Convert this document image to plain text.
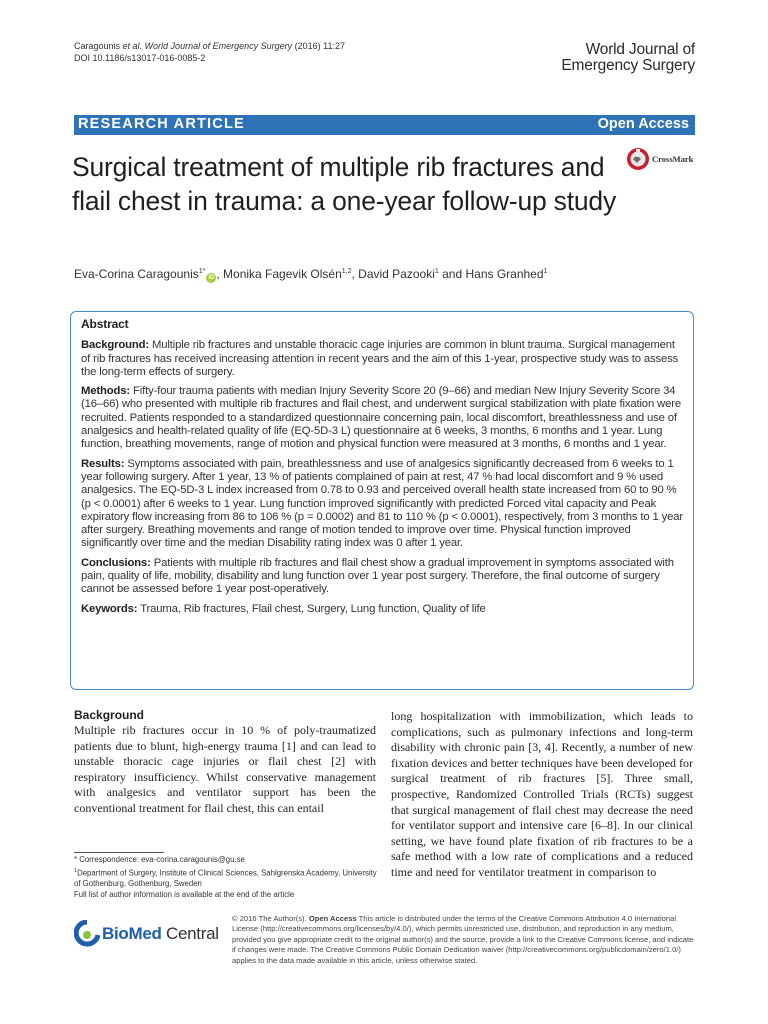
Caragounis et al. World Journal of Emergency Surgery (2016) 11:27
DOI 10.1186/s13017-016-0085-2	World Journal of
Emergency Surgery
RESEARCH ARTICLE	Open Access
Surgical treatment of multiple rib fractures and flail chest in trauma: a one-year follow-up study
CrossMark
Eva-Corina Caragounis$^{1*}$iD , Monika Fagevik Olsén$^{1,2}$, David Pazooki$^1$ and Hans Granhed$^1$
Abstract

Background: Multiple rib fractures and unstable thoracic cage injuries are common in blunt trauma. Surgical management of rib fractures has received increasing attention in recent years and the aim of this 1-year, prospective study was to assess the long-term effects of surgery.

Methods: Fifty-four trauma patients with median Injury Severity Score 20 (9–66) and median New Injury Severity Score 34 (16–66) who presented with multiple rib fractures and flail chest, and underwent surgical stabilization with plate fixation were recruited. Patients responded to a standardized questionnaire concerning pain, local discomfort, breathlessness and use of analgesics and health-related quality of life (EQ-5D-3 L) questionnaire at 6 weeks, 3 months, 6 months and 1 year. Lung function, breathing movements, range of motion and physical function were measured at 3 months, 6 months and 1 year.

Results: Symptoms associated with pain, breathlessness and use of analgesics significantly decreased from 6 weeks to 1 year following surgery. After 1 year, 13 % of patients complained of pain at rest, 47 % had local discomfort and 9 % used analgesics. The EQ-5D-3 L index increased from 0.78 to 0.93 and perceived overall health state increased from 60 to 90 % (p < 0.0001) after 6 weeks to 1 year. Lung function improved significantly with predicted Forced vital capacity and Peak expiratory flow increasing from 86 to 106 % (p = 0.0002) and 81 to 110 % (p < 0.0001), respectively, from 3 months to 1 year after surgery. Breathing movements and range of motion tended to improve over time. Physical function improved significantly over time and the median Disability rating index was 0 after 1 year.

Conclusions: Patients with multiple rib fractures and flail chest show a gradual improvement in symptoms associated with pain, quality of life, mobility, disability and lung function over 1 year post surgery. Therefore, the final outcome of surgery cannot be assessed before 1 year post-operatively.

Keywords: Trauma, Rib fractures, Flail chest, Surgery, Lung function, Quality of life

Background

Multiple rib fractures occur in 10 % of poly-traumatized patients due to blunt, high-energy trauma [1] and can lead to unstable thoracic cage injuries or flail chest [2] with respiratory insufficiency. Whilst conservative management with analgesics and ventilator support has been the conventional treatment for flail chest, this can entail

long hospitalization with immobilization, which leads to complications, such as pulmonary infections and long-term disability with chronic pain [3, 4]. Recently, a number of new fixation devices and better techniques have been developed for surgical treatment of rib fractures [5]. Three small, prospective, Randomized Controlled Trials (RCTs) suggest that surgical management of flail chest may decrease the need for ventilator support and intensive care [6–8]. In our clinical setting, we have found plate fixation of rib fractures to be a safe method with a low rate of complications and a reduced time and need for ventilator treatment in comparison to

* Correspondence: eva-corina.caragounis@gu.se

$^1$Department of Surgery, Institute of Clinical Sciences, Sahlgrenska Academy, University of Gothenburg, Gothenburg, Sweden

Full list of author information is available at the end of the article

BioMed Central
© 2016 The Author(s). Open Access This article is distributed under the terms of the Creative Commons Attribution 4.0 International License (http://creativecommons.org/licenses/by/4.0/), which permits unrestricted use, distribution, and reproduction in any medium, provided you give appropriate credit to the original author(s) and the source, provide a link to the Creative Commons license, and indicate if changes were made. The Creative Commons Public Domain Dedication waiver (http://creativecommons.org/publicdomain/zero/1.0/) applies to the data made available in this article, unless otherwise stated.
